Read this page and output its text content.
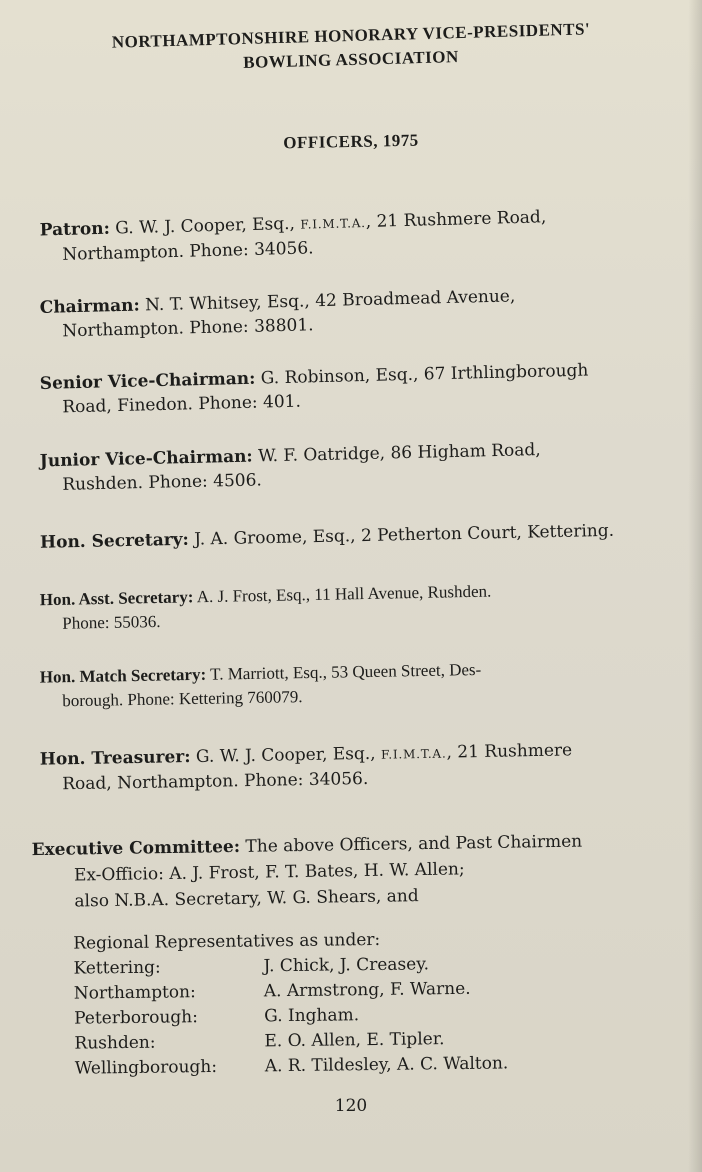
NORTHAMPTONSHIRE HONORARY VICE-PRESIDENTS'
BOWLING ASSOCIATION
OFFICERS, 1975
Patron: G. W. J. Cooper, Esq., F.I.M.T.A., 21 Rushmere Road,
Northampton. Phone: 34056.
Chairman: N. T. Whitsey, Esq., 42 Broadmead Avenue,
Northampton. Phone: 38801.
Senior Vice-Chairman: G. Robinson, Esq., 67 Irthlingborough
Road, Finedon. Phone: 401.
Junior Vice-Chairman: W. F. Oatridge, 86 Higham Road,
Rushden. Phone: 4506.
Hon. Secretary: J. A. Groome, Esq., 2 Petherton Court, Kettering.
Hon. Asst. Secretary: A. J. Frost, Esq., 11 Hall Avenue, Rushden.
Phone: 55036.
Hon. Match Secretary: T. Marriott, Esq., 53 Queen Street, Des-
borough. Phone: Kettering 760079.
Hon. Treasurer: G. W. J. Cooper, Esq., F.I.M.T.A., 21 Rushmere
Road, Northampton. Phone: 34056.
Executive Committee: The above Officers, and Past Chairmen
Ex-Officio: A. J. Frost, F. T. Bates, H. W. Allen;
also N.B.A. Secretary, W. G. Shears, and
Regional Representatives as under:
Kettering:	J. Chick, J. Creasey.
Northampton:	A. Armstrong, F. Warne.
Peterborough:	G. Ingham.
Rushden:	E. O. Allen, E. Tipler.
Wellingborough:	A. R. Tildesley, A. C. Walton.
120
